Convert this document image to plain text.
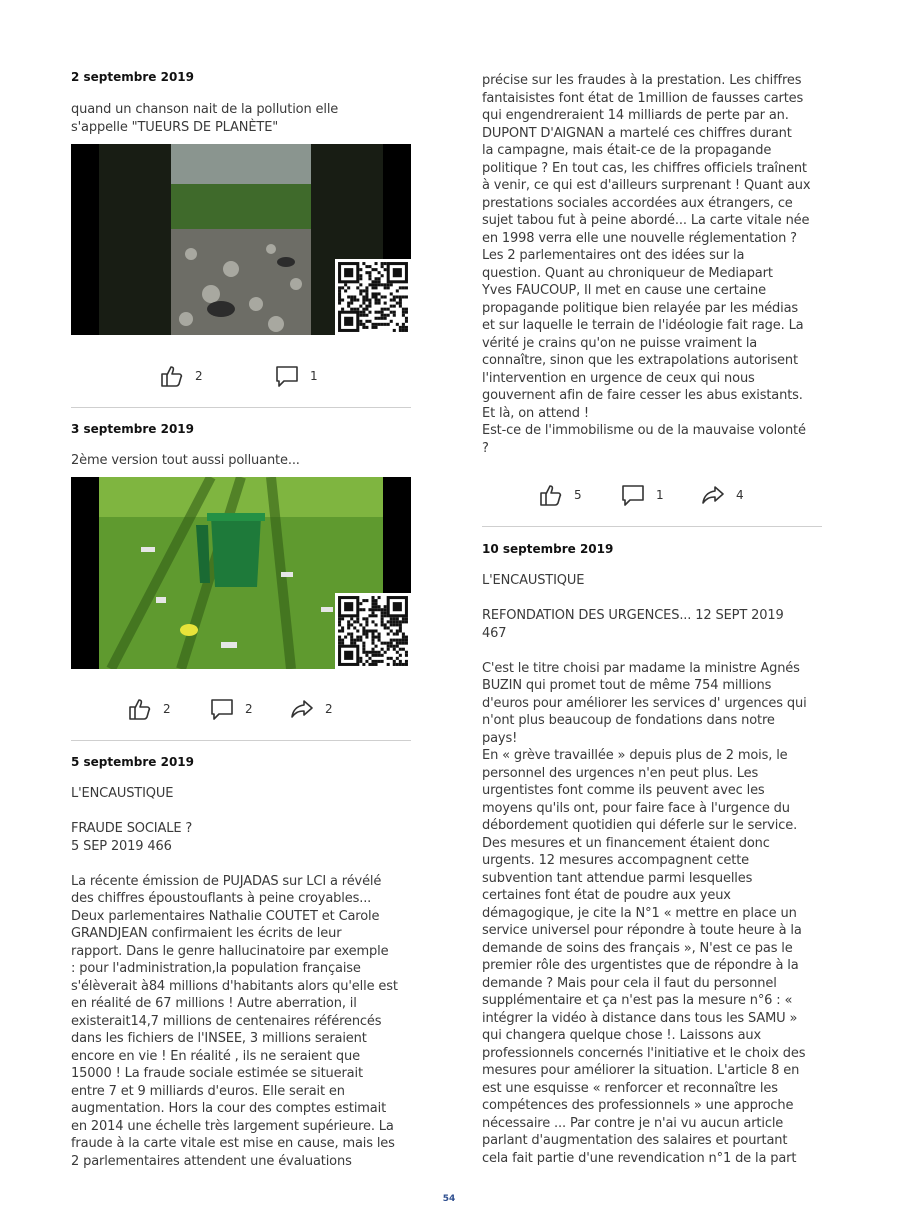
2 septembre 2019

quand un chanson nait de la pollution elle
s'appelle "TUEURS DE PLANÈTE"

2	1

3 septembre 2019

2ème version tout aussi polluante...

2	2	2

5 septembre 2019

L'ENCAUSTIQUE

FRAUDE SOCIALE ?
5 SEP 2019 466

La récente émission de PUJADAS sur LCI a révélé
des chiffres époustouflants à peine croyables...
Deux parlementaires Nathalie COUTET et Carole
GRANDJEAN confirmaient les écrits de leur
rapport. Dans le genre hallucinatoire par exemple
: pour l'administration,la population française
s'élèverait à84 millions d'habitants alors qu'elle est
en réalité de 67 millions ! Autre aberration, il
existerait14,7 millions de centenaires référencés
dans les fichiers de l'INSEE, 3 millions seraient
encore en vie ! En réalité , ils ne seraient que
15000 ! La fraude sociale estimée se situerait
entre 7 et 9 milliards d'euros. Elle serait en
augmentation. Hors la cour des comptes estimait
en 2014 une échelle très largement supérieure. La
fraude à la carte vitale est mise en cause, mais les
2 parlementaires attendent une évaluations

précise sur les fraudes à la prestation. Les chiffres
fantaisistes font état de 1million de fausses cartes
qui engendreraient 14 milliards de perte par an.
DUPONT D'AIGNAN a martelé ces chiffres durant
la campagne, mais était-ce de la propagande
politique ? En tout cas, les chiffres officiels traînent
à venir, ce qui est d'ailleurs surprenant ! Quant aux
prestations sociales accordées aux étrangers, ce
sujet tabou fut à peine abordé... La carte vitale née
en 1998 verra elle une nouvelle réglementation ?
Les 2 parlementaires ont des idées sur la
question. Quant au chroniqueur de Mediapart
Yves FAUCOUP, Il met en cause une certaine
propagande politique bien relayée par les médias
et sur laquelle le terrain de l'idéologie fait rage. La
vérité je crains qu'on ne puisse vraiment la
connaître, sinon que les extrapolations autorisent
l'intervention en urgence de ceux qui nous
gouvernent afin de faire cesser les abus existants.
Et là, on attend !
Est-ce de l'immobilisme ou de la mauvaise volonté
?

5	1	4

10 septembre 2019

L'ENCAUSTIQUE

REFONDATION DES URGENCES... 12 SEPT 2019
467

C'est le titre choisi par madame la ministre Agnés
BUZIN qui promet tout de même 754 millions
d'euros pour améliorer les services d' urgences qui
n'ont plus beaucoup de fondations dans notre
pays!
En « grève travaillée » depuis plus de 2 mois, le
personnel des urgences n'en peut plus. Les
urgentistes font comme ils peuvent avec les
moyens qu'ils ont, pour faire face à l'urgence du
débordement quotidien qui déferle sur le service.
Des mesures et un financement étaient donc
urgents. 12 mesures accompagnent cette
subvention tant attendue parmi lesquelles
certaines font état de poudre aux yeux
démagogique, je cite la N°1 « mettre en place un
service universel pour répondre à toute heure à la
demande de soins des français », N'est ce pas le
premier rôle des urgentistes que de répondre à la
demande ? Mais pour cela il faut du personnel
supplémentaire et ça n'est pas la mesure n°6 : «
intégrer la vidéo à distance dans tous les SAMU »
qui changera quelque chose !. Laissons aux
professionnels concernés l'initiative et le choix des
mesures pour améliorer la situation. L'article 8 en
est une esquisse « renforcer et reconnaître les
compétences des professionnels » une approche
nécessaire ... Par contre je n'ai vu aucun article
parlant d'augmentation des salaires et pourtant
cela fait partie d'une revendication n°1 de la part

54
